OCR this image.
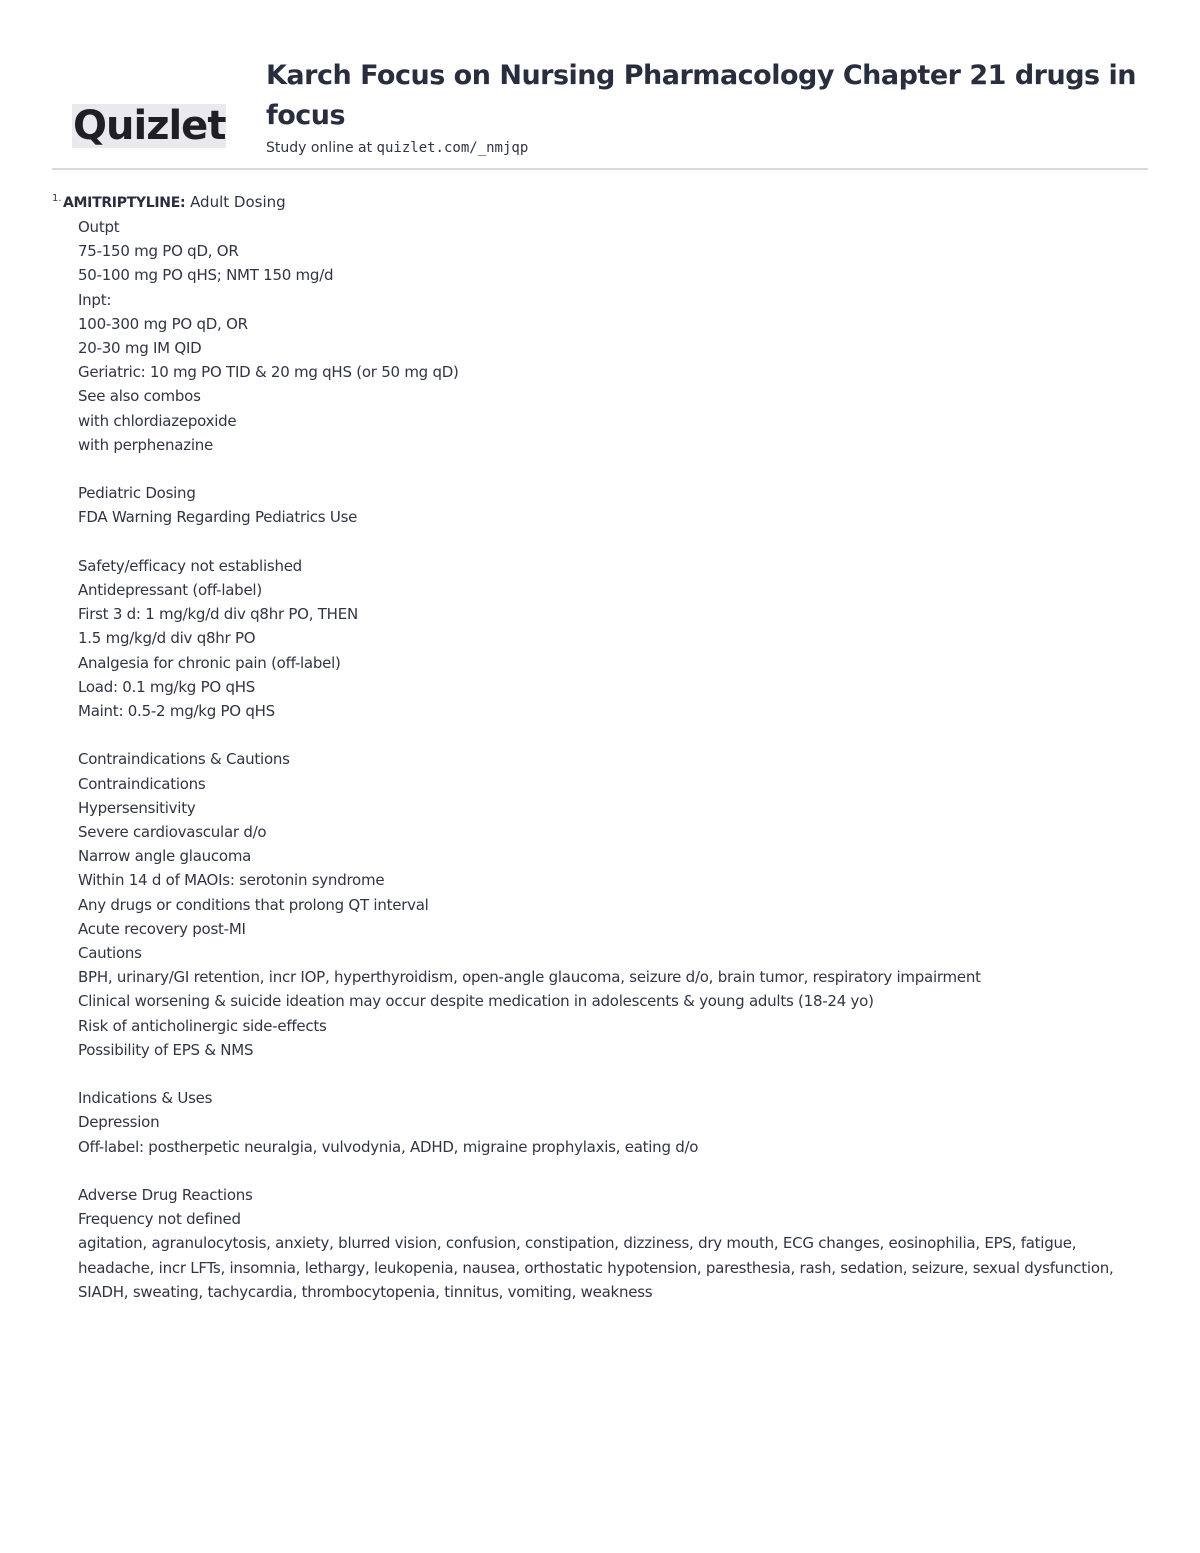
Quizlet
Karch Focus on Nursing Pharmacology Chapter 21 drugs in focus
Study online at quizlet.com/_nmjqp
1. AMITRIPTYLINE: Adult Dosing
Outpt
75-150 mg PO qD, OR
50-100 mg PO qHS; NMT 150 mg/d
Inpt:
100-300 mg PO qD, OR
20-30 mg IM QID
Geriatric: 10 mg PO TID & 20 mg qHS (or 50 mg qD)
See also combos
with chlordiazepoxide
with perphenazine
Pediatric Dosing
FDA Warning Regarding Pediatrics Use
Safety/efficacy not established
Antidepressant (off-label)
First 3 d: 1 mg/kg/d div q8hr PO, THEN
1.5 mg/kg/d div q8hr PO
Analgesia for chronic pain (off-label)
Load: 0.1 mg/kg PO qHS
Maint: 0.5-2 mg/kg PO qHS
Contraindications & Cautions
Contraindications
Hypersensitivity
Severe cardiovascular d/o
Narrow angle glaucoma
Within 14 d of MAOIs: serotonin syndrome
Any drugs or conditions that prolong QT interval
Acute recovery post-MI
Cautions
BPH, urinary/GI retention, incr IOP, hyperthyroidism, open-angle glaucoma, seizure d/o, brain tumor, respiratory impairment
Clinical worsening & suicide ideation may occur despite medication in adolescents & young adults (18-24 yo)
Risk of anticholinergic side-effects
Possibility of EPS & NMS
Indications & Uses
Depression
Off-label: postherpetic neuralgia, vulvodynia, ADHD, migraine prophylaxis, eating d/o
Adverse Drug Reactions
Frequency not defined
agitation, agranulocytosis, anxiety, blurred vision, confusion, constipation, dizziness, dry mouth, ECG changes, eosinophilia, EPS, fatigue, headache, incr LFTs, insomnia, lethargy, leukopenia, nausea, orthostatic hypotension, paresthesia, rash, sedation, seizure, sexual dysfunction, SIADH, sweating, tachycardia, thrombocytopenia, tinnitus, vomiting, weakness
